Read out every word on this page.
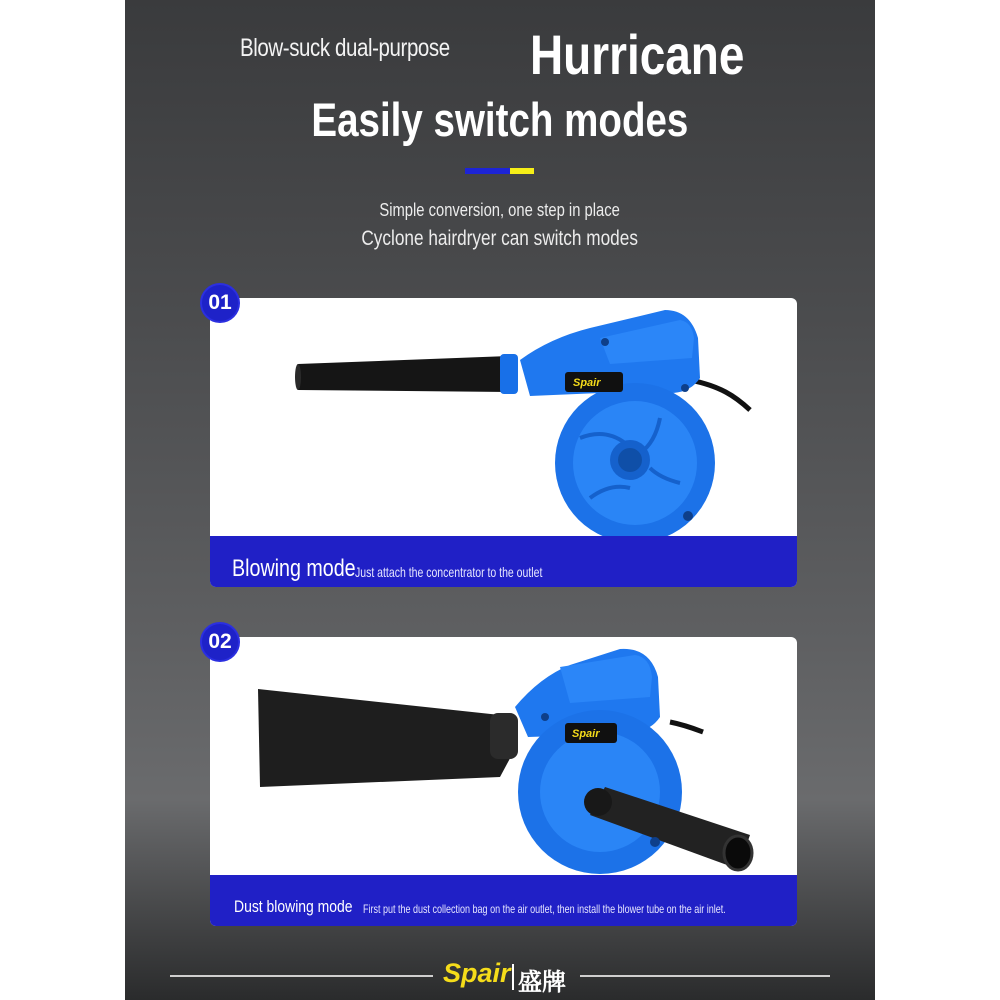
Blow-suck dual-purpose Hurricane
Easily switch modes
Simple conversion, one step in place
Cyclone hairdryer can switch modes
Spair
Blowing mode Just attach the concentrator to the outlet
01
Spair
Dust blowing mode First put the dust collection bag on the air outlet, then install the blower tube on the air inlet.
02
Spair 盛牌
